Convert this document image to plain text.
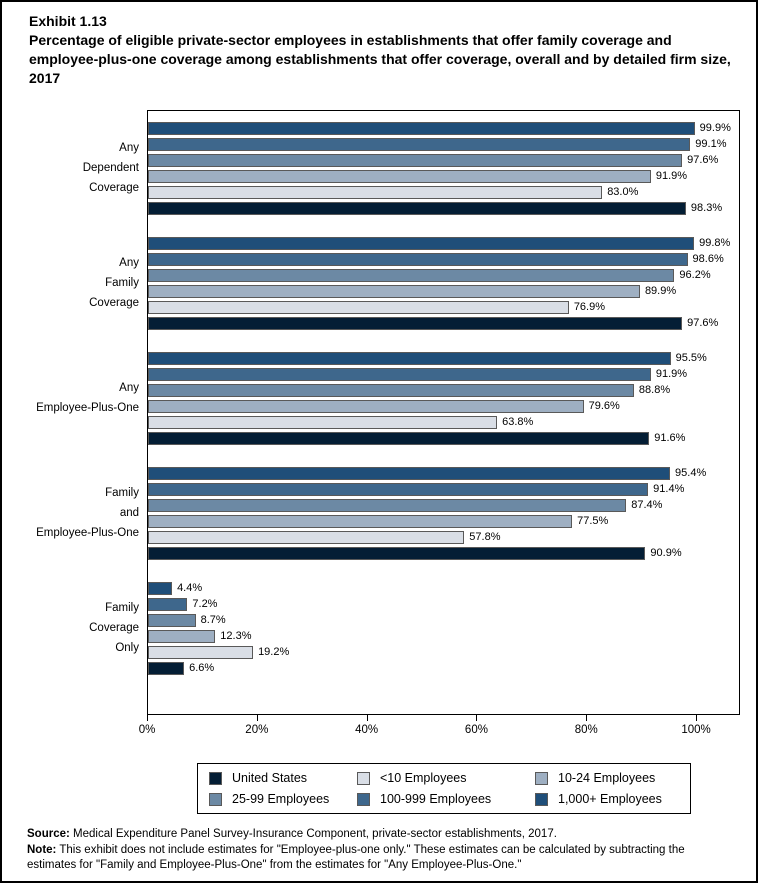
Exhibit 1.13
Percentage of eligible private-sector employees in establishments that offer family coverage and employee-plus-one coverage among establishments that offer coverage, overall and by detailed firm size, 2017
99.9%
99.1%
97.6%
91.9%
83.0%
98.3%
99.8%
98.6%
96.2%
89.9%
76.9%
97.6%
95.5%
91.9%
88.8%
79.6%
63.8%
91.6%
95.4%
91.4%
87.4%
77.5%
57.8%
90.9%
4.4%
7.2%
8.7%
12.3%
19.2%
6.6%
0%	20%	40%	60%	80%	100%
Any
Dependent
Coverage
Any
Family
Coverage
Any
Employee-Plus-One
Family
and
Employee-Plus-One
Family
Coverage
Only
United States	<10 Employees	10-24 Employees
25-99 Employees	100-999 Employees	1,000+ Employees
Source: Medical Expenditure Panel Survey-Insurance Component, private-sector establishments, 2017.
Note: This exhibit does not include estimates for "Employee-plus-one only." These estimates can be calculated by subtracting the estimates for "Family and Employee-Plus-One" from the estimates for "Any Employee-Plus-One."
